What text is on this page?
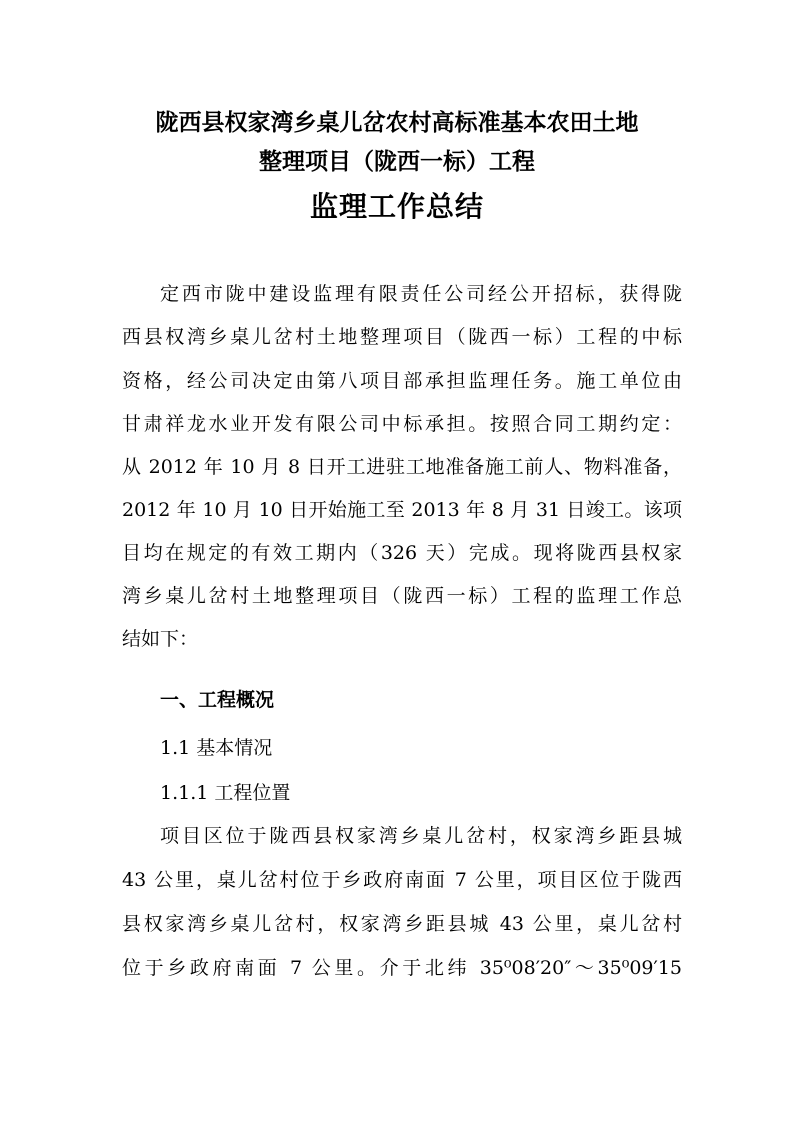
陇西县权家湾乡桌儿岔农村高标准基本农田土地
整理项目（陇西一标）工程
监理工作总结
定西市陇中建设监理有限责任公司经公开招标，获得陇
西县权湾乡桌儿岔村土地整理项目（陇西一标）工程的中标
资格，经公司决定由第八项目部承担监理任务。施工单位由
甘肃祥龙水业开发有限公司中标承担。按照合同工期约定：
从 2012 年 10 月 8 日开工进驻工地准备施工前人、物料准备，
2012 年 10 月 10 日开始施工至 2013 年 8 月 31 日竣工。该项
目均在规定的有效工期内（326 天）完成。现将陇西县权家
湾乡桌儿岔村土地整理项目（陇西一标）工程的监理工作总
结如下：
一、工程概况
1.1 基本情况
1.1.1 工程位置
项目区位于陇西县权家湾乡桌儿岔村，权家湾乡距县城
43 公里，桌儿岔村位于乡政府南面 7 公里，项目区位于陇西
县权家湾乡桌儿岔村，权家湾乡距县城 43 公里，桌儿岔村
位于乡政府南面 7 公里。介于北纬 35⁰08′20″～35⁰09′15
